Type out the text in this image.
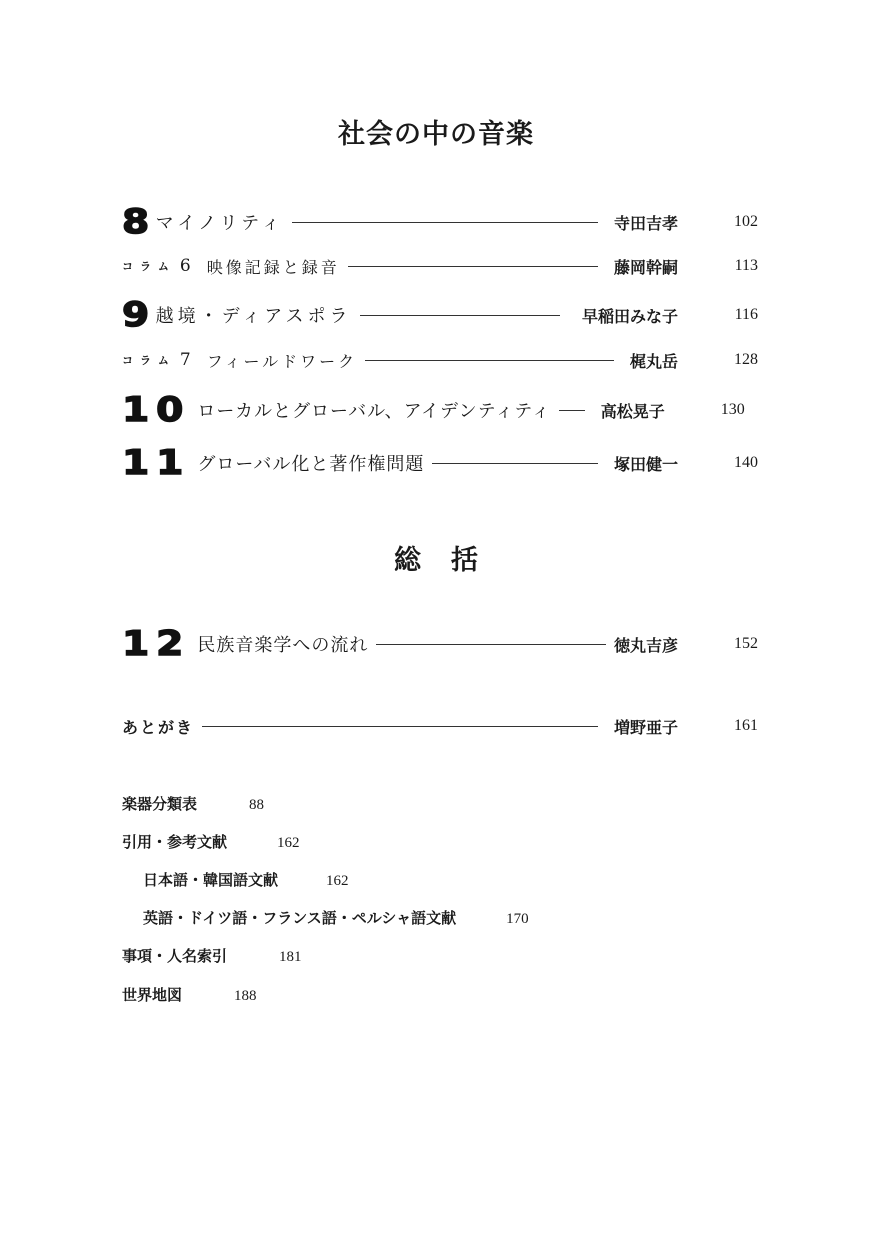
社会の中の音楽
8 マイノリティ	寺田吉孝	102
コラム 6 映像記録と録音	藤岡幹嗣	113
9 越境・ディアスポラ	早稲田みな子	116
コラム 7 フィールドワーク	梶丸岳	128
10 ローカルとグローバル、アイデンティティ	高松晃子	130
11 グローバル化と著作権問題	塚田健一	140
総括
12 民族音楽学への流れ	徳丸吉彦	152
あとがき	増野亜子	161
楽器分類表	88
引用・参考文献	162
日本語・韓国語文献	162
英語・ドイツ語・フランス語・ペルシャ語文献	170
事項・人名索引	181
世界地図	188
